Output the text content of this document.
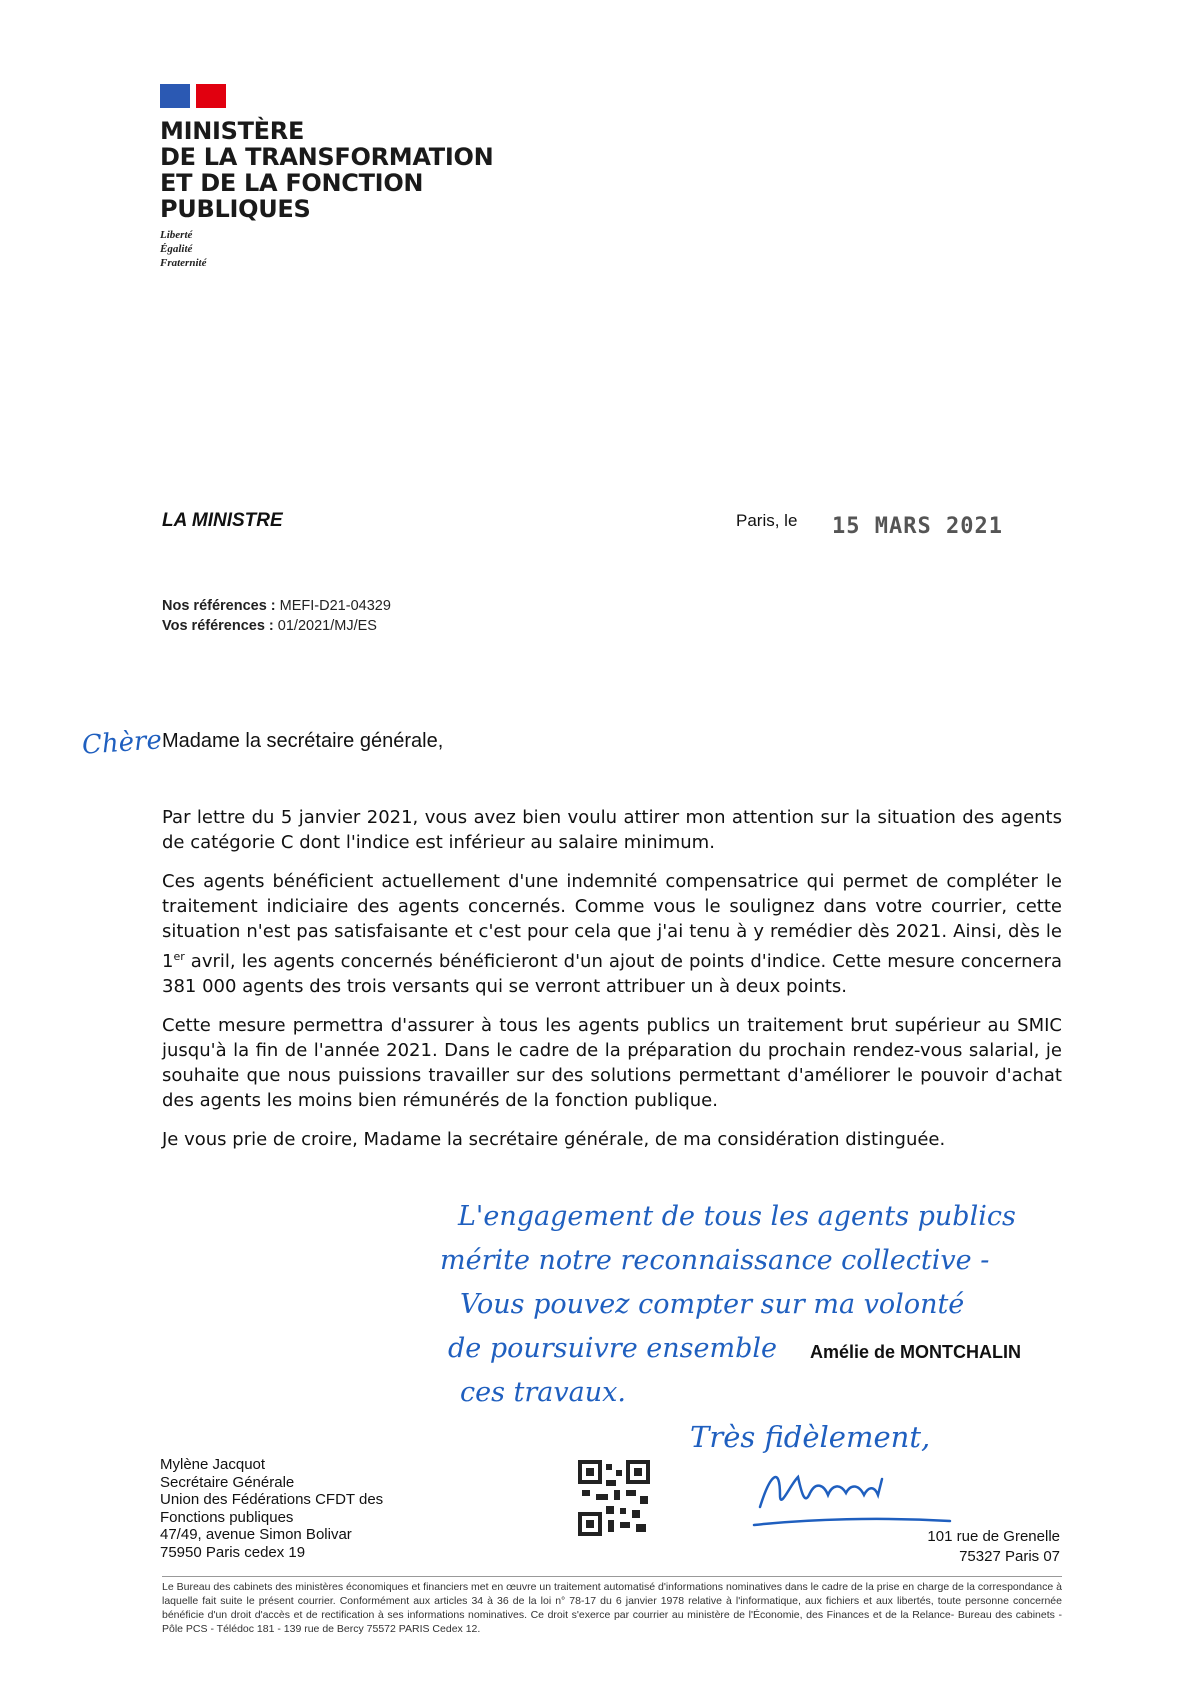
MINISTÈRE
DE LA TRANSFORMATION
ET DE LA FONCTION
PUBLIQUES
Liberté
Égalité
Fraternité
LA MINISTRE	Paris, le 15 MARS 2021
Nos références : MEFI-D21-04329
Vos références : 01/2021/MJ/ES
Chère Madame la secrétaire générale,

Par lettre du 5 janvier 2021, vous avez bien voulu attirer mon attention sur la situation des agents de catégorie C dont l'indice est inférieur au salaire minimum.

Ces agents bénéficient actuellement d'une indemnité compensatrice qui permet de compléter le traitement indiciaire des agents concernés. Comme vous le soulignez dans votre courrier, cette situation n'est pas satisfaisante et c'est pour cela que j'ai tenu à y remédier dès 2021. Ainsi, dès le 1er avril, les agents concernés bénéficieront d'un ajout de points d'indice. Cette mesure concernera 381 000 agents des trois versants qui se verront attribuer un à deux points.

Cette mesure permettra d'assurer à tous les agents publics un traitement brut supérieur au SMIC jusqu'à la fin de l'année 2021. Dans le cadre de la préparation du prochain rendez-vous salarial, je souhaite que nous puissions travailler sur des solutions permettant d'améliorer le pouvoir d'achat des agents les moins bien rémunérés de la fonction publique.

Je vous prie de croire, Madame la secrétaire générale, de ma considération distinguée.

L'engagement de tous les agents publics
mérite notre reconnaissance collective -
Vous pouvez compter sur ma volonté
de poursuivre ensemble
ces travaux.
Très fidèlement,
Amélie de MONTCHALIN
Mylène Jacquot
Secrétaire Générale
Union des Fédérations CFDT des
Fonctions publiques
47/49, avenue Simon Bolivar
75950 Paris cedex 19
101 rue de Grenelle
75327 Paris 07
Le Bureau des cabinets des ministères économiques et financiers met en œuvre un traitement automatisé d'informations nominatives dans le cadre de la prise en charge de la correspondance à laquelle fait suite le présent courrier. Conformément aux articles 34 à 36 de la loi n° 78-17 du 6 janvier 1978 relative à l'informatique, aux fichiers et aux libertés, toute personne concernée bénéficie d'un droit d'accès et de rectification à ses informations nominatives. Ce droit s'exerce par courrier au ministère de l'Économie, des Finances et de la Relance- Bureau des cabinets - Pôle PCS - Télédoc 181 - 139 rue de Bercy 75572 PARIS Cedex 12.
